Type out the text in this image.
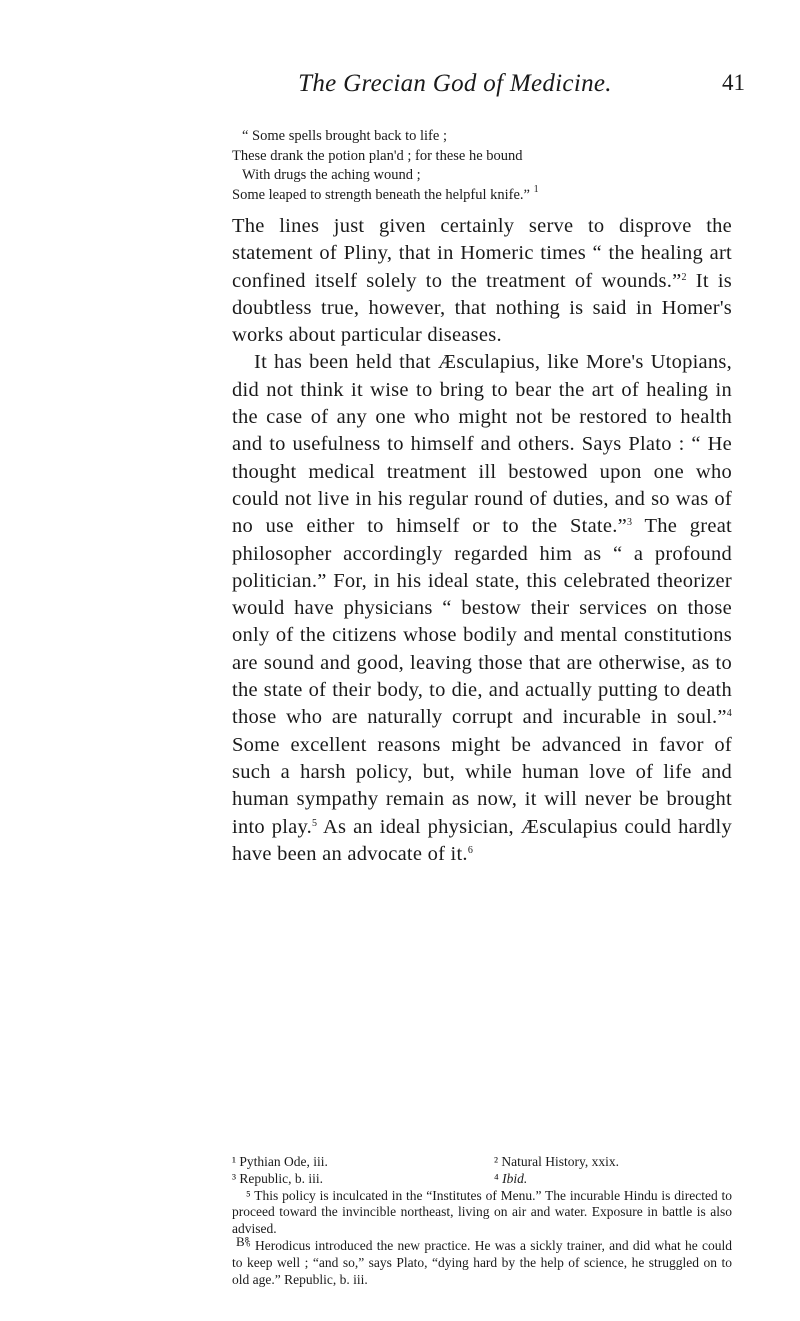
The Grecian God of Medicine.	41
“ Some spells brought back to life ;
These drank the potion plan'd ; for these he bound
With drugs the aching wound ;
Some leaped to strength beneath the helpful knife.” $^1$

The lines just given certainly serve to disprove the statement of Pliny, that in Homeric times “ the healing art confined itself solely to the treatment of wounds.”$^2$ It is doubtless true, however, that nothing is said in Homer's works about particular diseases.

It has been held that Æsculapius, like More's Utopians, did not think it wise to bring to bear the art of healing in the case of any one who might not be restored to health and to usefulness to himself and others. Says Plato : “ He thought medical treatment ill bestowed upon one who could not live in his regular round of duties, and so was of no use either to himself or to the State.”$^3$ The great philosopher accordingly regarded him as “ a profound politician.” For, in his ideal state, this celebrated theorizer would have physicians “ bestow their services on those only of the citizens whose bodily and mental constitutions are sound and good, leaving those that are otherwise, as to the state of their body, to die, and actually putting to death those who are naturally corrupt and incurable in soul.”$^4$ Some excellent reasons might be advanced in favor of such a harsh policy, but, while human love of life and human sympathy remain as now, it will never be brought into play.$^5$ As an ideal physician, Æsculapius could hardly have been an advocate of it.$^6$

¹ Pythian Ode, iii.	² Natural History, xxix.

³ Republic, b. iii.	⁴ Ibid.

⁵ This policy is inculcated in the “Institutes of Menu.” The incurable Hindu is directed to proceed toward the invincible northeast, living on air and water. Exposure in battle is also advised.

⁶ Herodicus introduced the new practice. He was a sickly trainer, and did what he could to keep well ; “and so,” says Plato, “dying hard by the help of science, he struggled on to old age.” Republic, b. iii.

B⁸
